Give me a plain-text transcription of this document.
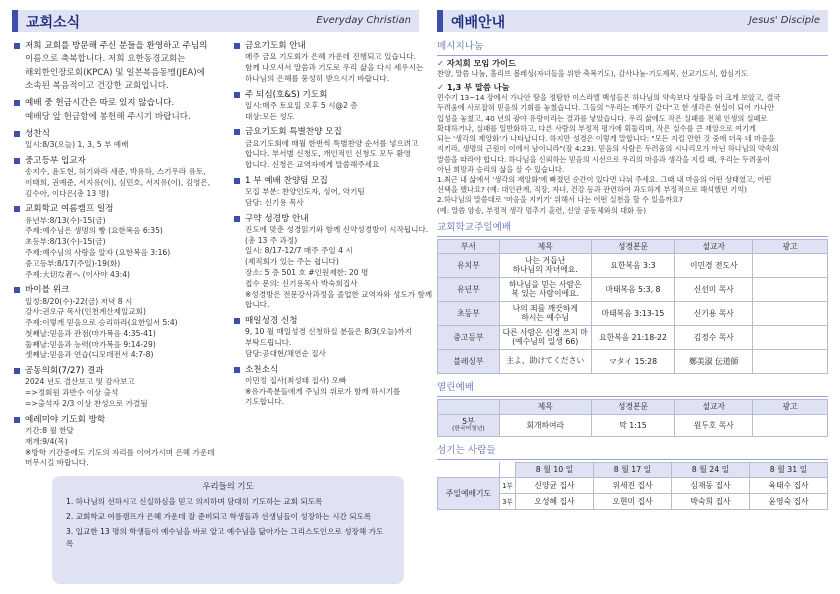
교회소식	Everyday Christian
저희 교회를 방문해 주신 분들을 환영하고 주님의
이름으로 축복합니다. 저희 요한동경교회는
해외한인장로회(KPCA) 및 일본복음동맹(JEA)에
소속된 복음적이고 건강한 교회입니다.
예배 중 헌금시간은 따로 있지 않습니다.
예배당 앞 헌금함에 봉헌해 주시기 바랍니다.
성찬식
일시:8/3(오늘) 1, 3, 5 부 예배
중고등부 입교자
송지수, 윤도현, 허기와라 세준, 박유하, 스기우라 유토,
이태희, 권예준, 서지유(이), 심민호, 서지유(이), 김영은,
김수아, 이다은(총 13 명)
교회학교 여름캠프 일정
유년부:8/13(수)-15(금)
주제:예수님은 생명의 빵 (요한복음 6:35)
초등부:8/13(수)-15(금)
주제:예수님의 사랑을 알자 (요한복음 3:16)
중고등부:8/17(주일)-19(화)
주제:大切な者へ (이사야 43:4)
바이블 위크
일정:8/20(수)-22(금) 저녁 8 시
강사:권오규 목사(인천계산제일교회)
주제:이렇게 믿음으로 승리하라(요한일서 5:4)
첫째날:믿음과 관점(마가복음 4:35-41)
둘째날:믿음과 능력(마가복음 9:14-29)
셋째날:믿음과 연습(디모데전서 4:7-8)
공동의회(7/27) 결과
2024 년도 결산보고 및 감사보고
=>정회원 과반수 이상 출석
=>출석자 2/3 이상 찬성으로 가결됨
예레미야 기도회 방학
기간:8 월 한달
재개:9/4(목)
※방학 기간중에도 기도의 자리를 이어가시며 은혜 가운데
머무시길 바랍니다.
금요기도회 안내
매주 금요 기도회가 은혜 가운데 진행되고 있습니다.
함께 나오셔서 말씀과 기도로 우리 삶을 다시 세우시는
하나님의 은혜를 풍성히 받으시기 바랍니다.
주 되심(호&S) 기도회
일시:매주 토요일 오후 5 시@2 층
대상:모든 성도
금요기도회 특별찬양 모집
금요기도회에 매월 한번씩 특별찬양 순서를 넣으려고
합니다. 부서별 신청도, 개인적인 신청도 모두 환영
합니다. 신청은 교역자에게 말씀해주세요
1 부 예배 찬양팀 모집
모집 부분: 찬양인도자, 싱어, 악기팀
담당: 신기용 목사
구약 성경방 안내
진도에 맞춘 성경읽기와 함께 신약성경방이 시작됩니다.
(총 13 주 과정)
일시: 8/17-12/7 매주 주일 4 시
(제직회가 있는 주는 쉽니다)
장소: 5 층 501 호 #인원제한: 20 명
접수 문의: 신기용목사 박숙희집사
※성경방은 전문강사과정을 졸업한 교역자와 성도가 함께
합니다.
매일성경 신청
9, 10 월 매일성경 신청하실 분들은 8/3(오늘)까지
부탁드립니다.
담당:공대현/채연순 집사
소천소식
이민정 집사(최성태 집사) 오빠
※유가족분들에게 주님의 위로가 함께 하시기를
기도합니다.
우리들의 기도
1. 하나님의 선하시고 신실하심을 믿고 의지하며 담대히 기도하는 교회 되도록
2. 교회학교 여름캠프가 은혜 가운데 잘 준비되고 학생들과 선생님들이 성장하는 시간 되도록
3. 입교한 13 명의 학생들이 예수님을 바로 알고 예수님을 닮아가는 그리스도인으로 성장해 가도록
예배안내	Jesus' Disciple
메시지나눔
✓ 자치회 모임 가이드
찬양, 말씀 나눔, 홀리브 볼레싱(자녀들을 위한 축복기도), 감사나눔-기도제목, 선교기도식, 합심기도
✓ 1,3 부 말씀 나눔
민수기 13~14 장에서 가나안 땅을 정탐한 이스라엘 백성들은 하나님의 약속보다 상황을 더 크게 보았고, 결국
두려움에 사로잡혀 믿음의 기회를 놓쳤습니다. 그들의 "우리는 메뚜기 같다"고 한 생각은 현실이 되어 가나안
입성을 놓쳤고, 40 년의 광야 유랑이라는 결과를 낳았습니다. 우리 삶에도 작은 실패를 전체 인생의 실패로
확대하거나, 실패를 일반화하고, 다른 사람의 부정적 평가에 휘둘리며, 작은 실수를 큰 재앙으로 여기게
되는 '생각의 재앙화'가 나타납니다. 하지만 성경은 이렇게 말합니다: "모든 지킬 만한 것 중에 더욱 네 마음을
지키라, 생명의 근원이 이에서 남이니라"(잠 4:23). 믿음의 사람은 두려움의 시나리오가 아닌 하나님의 약속의
말씀을 따라야 합니다. 하나님을 신뢰하는 믿음의 시선으로 우리의 마음과 생각을 지킬 때, 우리는 두려움이
아닌 희망과 승리의 삶을 살 수 있습니다.
1.최근 내 삶에서 '생각의 재앙화'에 빠졌던 순간이 있다면 나눠 주세요. 그때 내 마음의 어떤 상태였고, 어떤
선택을 했나요? (예: 대인관계, 직장, 자녀, 건강 등과 관련하여 과도하게 부정적으로 해석했던 기억)
2.하나님의 말씀대로 '마음을 지키기' 위해서 나는 어떤 실천을 할 수 있을까요?
(예: 말씀 암송, 부정적 생각 멈추기 훈련, 신앙 공동체와의 대화 등)
교회학교주일예배
부서	제목	성경본문	설교자	광고
유치부	나는 거듭난
하나님의 자녀에요.	요한복음 3:3	이민경 전도사	
유년부	하나님을 믿는 사람은
복 있는 사람이에요.	마태복음 5:3, 8	신선미 목사	
초등부	나의 죄를 깨끗하게
하시는 예수님	마태복음 3:13-15	신기용 목사	
중고등부	다른 사람은 신경 쓰지 마
(예수님의 일생 66)	요한복음 21:18-22	김정수 목사	
블레싱부	主よ、助けてください	マタイ 15:28	鄭美淑 伝道師	
열린예배
	제목	성경본문	설교자	광고

5부
(한국어청년)	회개하여라	막 1:15	원두호 목사	
섬기는 사람들
		8 월 10 일	8 월 17 일	8 월 24 일	8 월 31 일
주일예배기도	1부	신양균 집사	위세진 집사	심재동 집사	육태수 집사
	3부	오성혜 집사	오현미 집사	박숙희 집사	윤영숙 집사
